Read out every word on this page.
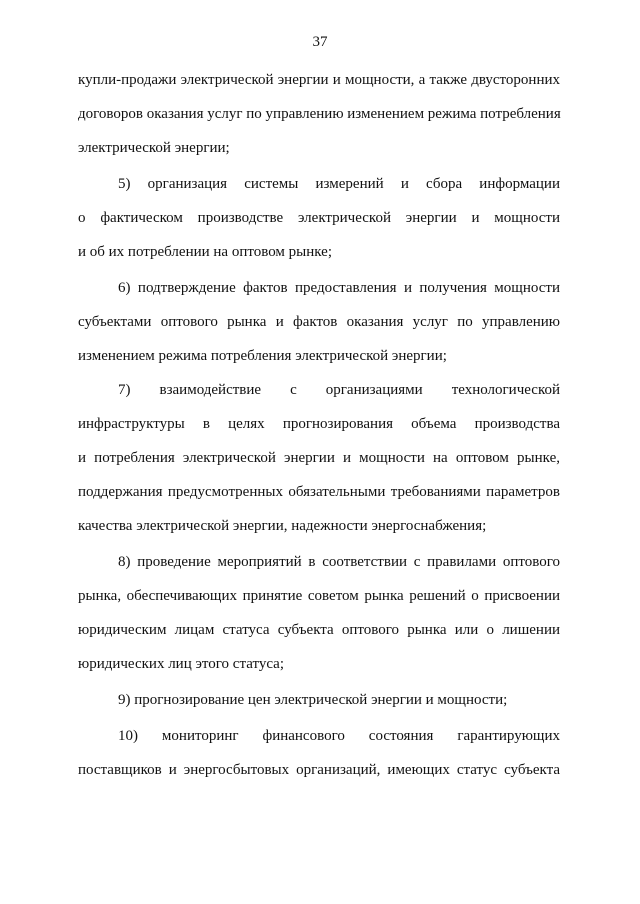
37
купли-продажи электрической энергии и мощности, а также двусторонних
договоров оказания услуг по управлению изменением режима потребления
электрической энергии;
5) организация системы измерений и сбора информации
о фактическом производстве электрической энергии и мощности
и об их потреблении на оптовом рынке;
6) подтверждение фактов предоставления и получения мощности
субъектами оптового рынка и фактов оказания услуг по управлению
изменением режима потребления электрической энергии;
7) взаимодействие с организациями технологической
инфраструктуры в целях прогнозирования объема производства
и потребления электрической энергии и мощности на оптовом рынке,
поддержания предусмотренных обязательными требованиями параметров
качества электрической энергии, надежности энергоснабжения;
8) проведение мероприятий в соответствии с правилами оптового
рынка, обеспечивающих принятие советом рынка решений о присвоении
юридическим лицам статуса субъекта оптового рынка или о лишении
юридических лиц этого статуса;
9) прогнозирование цен электрической энергии и мощности;
10) мониторинг финансового состояния гарантирующих
поставщиков и энергосбытовых организаций, имеющих статус субъекта
